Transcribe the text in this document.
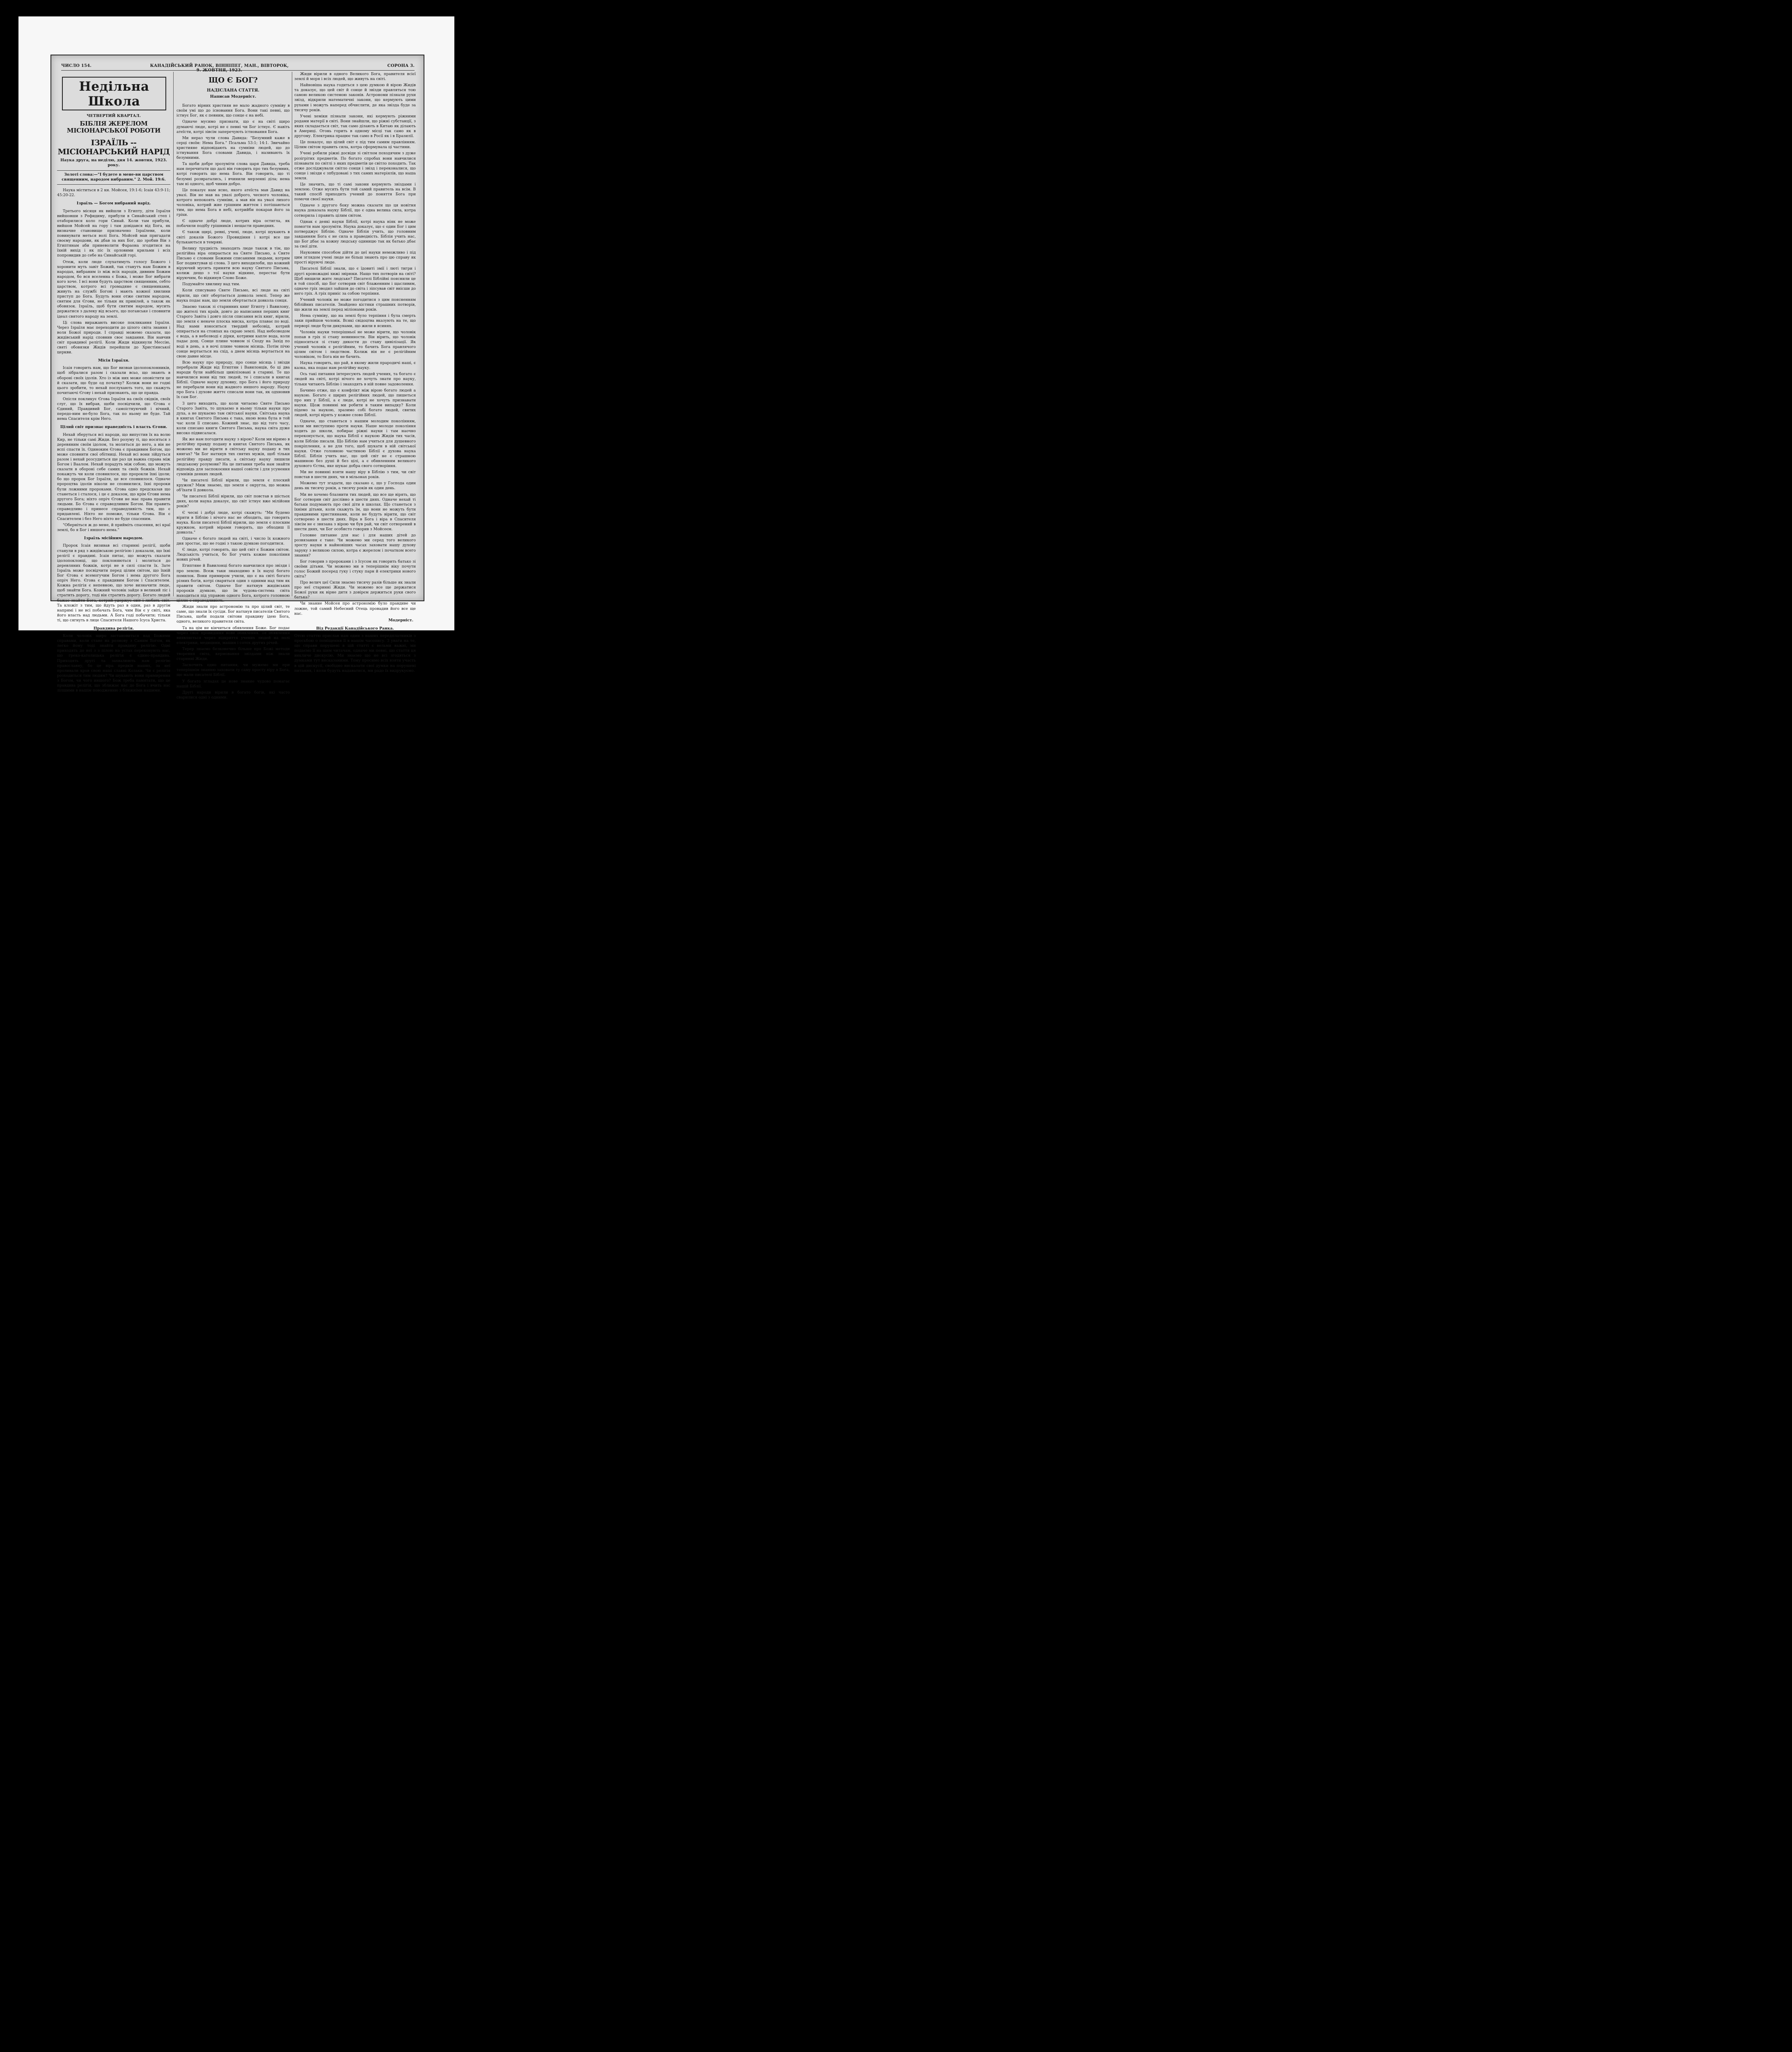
ЧИСЛО 154.	КАНАДІЙСЬКИЙ РАНОК, ВІННІПЕГ, МАН., ВІВТОРОК, 9. ЖОВТНЯ, 1923.
СОРОНА 3.
Недільна Школа
ЧЕТВЕРТИЙ КВАРТАЛ.
БІБЛІЯ ЖЕРЕЛОМ МІСІОНАРСЬКОЇ РОБОТИ
ІЗРАЇЛЬ -- МІСІОНАРСЬКИЙ НАРІД
Наука друга, на неділю, дня 14. жовтня, 1923. року.
Золоті слова:—"І будете в мене-ви царством священиим, народом вибраним." 2. Мой. 19:6.

Наука міститься в 2 кн. Мойсея, 19:1-6; Ісаія 43:9-11; 45:20-22.

Ізраїль — Богом вибраний нарід.

Третього місяця як вийшли з Египту, діти Ізраїля вийшовши з Рефидиму, прибули в Синайський степ і отаборилися коло гори Синай. Коли там прибули, вийшов Мойсей на гору і там довідався від Бога, як визначне становище призначено Ізраїлеви, коли повинувати меться волі Бога. Мойсей мав пригадати своєму народови, як дбав за них Бог, що зробив Він з Египтянам аби приневолити Фараона згодитися на їхній вихід і як піс їх орловими крильми і всіх попровидив до себе на Синайській горі.

Отеж, коли люде слухатимуть голосу Божого і хоронити муть завіт Божий, так станутъ нам Божим в народах, вибраним із між всіх народів, дивним Божим народом, бо вся вселенна є Божа, і може Бог вибрати кого хоче. І всі вони будуть царством священним, себто царством, котрого всі громадяне є священиками, живуть на службі Богові і мають кожної хвилини приступ до Бога. Будуть вони отже святим народом, святим для Єгови, не тільки як привілей, а також як обовязок. Ізраїль, щоб бути святим народом, мусить держатися з далеку від всього, що поганське і сповнити ідеал святого народу на землі.

Ці слова виражають високе покликання Ізраїля. Через Ізраїля має переходити до цілого світа знання і воля Божої природи. І справді можемо сказати, що жидівський нарід сповнив своє завдання. Він навчив світ правдивої релігії. Коли Жиди відкинули Мессію, святі обовязки Жидів перейшли до Христіянської церкви.

Місія Ізраїля.

Ісаія говорить нам, що Бог визвав ідолопоклонників, щоб зібралися разом і сказали всьо, що знають в обороні своїх ідолів. Хто із між них може оповістити це й сказати, що буде од початку? Колиж вони не годні цього зробити, то нехай послухають того, що скажуть почитаючі Єгову і нехай признають, що це правда.

Опісля покликує Єгова Ізраїля на своїх свідків, своїх слуг, що їх вибрав, щоби посвідчили, що Єгова є Єдиний, Правдивий Бог, самоістнуючий і вічний, передо-ним не-було Бога, так по ньому не буде. Тай нема Спасителя крім Него.

Цілий світ признає праведність і власть Єгови.

Нехай зберуться всі народи, що випустив їх на волю Кир, не тільки самі Жиди. Без розуму ті, що носяться з деревяним своїм ідолом, та моляться до него, а він не вспі спасти їх. Одиноким Єгова є правдивим Богом, що може сповнити свої обітниці. Нехай всі вони зійдуться разом і нехай розсудиться ще раз ця важна справа між Богом і Ваалом. Нехай порадуть між собою, що можуть сказати в обороні себе самих та своїх божків. Нехай покажуть чи коли сповнилося, що пророкли їхні ідоли; бо що пророк Бог Ізраїля, це все сповнилося. Одначе пророцтва ідолів ніколи не сповнилися, їхні пророки були ложними пророками. Єгова одно предсказав що станеться і сталося, і це є доказом, що крім Єгови нема другого Бога; ніхто опріч Єгови не має права правити людьми. Бо Єгова є справедливим Богом. Він править справедливо і принесе справедливість тим, що є придавлені. Ніхто не поможе, тільки Єгова. Він є Спасителем і без Него ніхто не буде спасеним.

"Оберніться ж до мене, й прийміть спасення, всі краї землі, бо я Бог і иншого нема."

Ізраїль місійним народом.

Пророк Ісаія визивав всі старинні релігії, щоби станули в ряд з жидівською релігією і доказали, що їхні релігії є правдиві. Ісаія питає, що можуть сказати ідолопоклонці, що поклоняються і моляться до деревляних божків, котрі не в силі спасти їх. Зате Ізраїль може посвідчити перед цілим світом, що їхній Бог Єгова є всемогучим Богом і нема другого Бога опріч Него. Єгова є правдивим Богом і Спасителем. Кожна релігія є непевною, що хоче визначити люде, щоб знайти Бога. Кожний чоловік зайде в великий ліс і стратить дорогу, тоді він стратить дорогу. Богато людей бажає знайти Бога, котрий удержує світ і любить світ. Та кложіт з тим, що йдуть раз в один, раз в другім напрямі і не всі побачать Бога, чим Він є у світі, яка його власть над людьми. А Бога годі побачити; тільки ті, що сягнуть в лице Спасителя Нашого Ісуса Христа.

Правдива релігія.

Коли чоловік щиро застановиться над Божими справами, коли стане на розмову з Самим Богом, як легко йому тоді знайти правдиву релігію. Одні приходять до неї з з пілою на устах переконують нас, що греко-католицька релігія є єдино-правдива. Приходять другі та захвалюють нам релігію православну, бо це віра предків наших, за неї проливали кров свою наші славні Козаки. Чи є релігія розходиться тим людям? Чи шукають вони примирення з Богом, чи чого иншого? Бож треба памятати, що це правдива релігія, що зближає нас до Бога і вчить нас лілшими в нашім поводженню з ближніми нашими.

ЩО Є БОГ?
НАДІСЛАНА СТАТТЯ.
Написав Модерніст.

Богато вірних християн не мало жадного сумніву в своїм умі що до існовання Бога. Вони такі певні, що істнує Бог, як є певним, що сонце є на небі.

Одначе мусимо признати, що є на світі щиро думаючі люде, котрі не є певні чи Бог істнує. Є навіть атеїсти, котрі зівсім заперечують істновання Бога.

Ми нераз чули слова Давида: "Безумний каже в серці своїм: Нема Бога." Псальма 53:1; 14:1. Звичайно християне відповідають на сумніви людей, що до істнування Бога словами Давида, і називають їх безумними.

Та щоби добре зрозуміти слова царя Давида, треба нам перечитати що далі він говорить про тих безумних, котрі говорять що нема Бога. Він говорить, що ті безумні розвратались, і вчинили мерзенні діла; нема там ні одного, щоб чинив добро.

Це показує нам ясно, якого атеїста мав Давид на увазі. Він не мав на увазі доброго, чесного чоловіка, котрого непокоять сумніви, а мав він на увазі лихого чоловіка, котрий жие грішним життєм і потішаються тим, що нема Бога в небі, котрийби покарав його за гріхи.

Є одначе добрі люде, котрих віра остигла, як побачили подібу грішників і нещасти праведних.

Є також щирі, ревні, учені, люде, котрі шукають в світі доказів Божого Провидіння і котрі все ще булькаються в темряві.

Велику трудність знаходять люде також в тім, що релігійна віра опирається на Святе Письмо, а Святе Письмо є словами Божими списаними людьми, котрим Бог подиктував ці слова. З цего виходилоби, що кожний віруючий мусить приняти всю науку Святого Письма, колиж дещо з тої науки відкине, перестає бути віруючим, бо відкинув Слово Боже.

Подумайте хвилину над тим.

Коли списувано Святе Письмо, всі люде на світі вірили, що світ обертається довкола землі. Тепер же наука подає нам, що земля обертається довкола сонця.

Знаємо також зі старинних книг Египту і Вавилону, що жителі тих країв, довго до написання перших книг Старого Завіта і довго після списання всіх книг, вірили, що земля є неначе плоска миска, котра плаває по воді. Над нами взноситься твердий небозвід, котрий опирається на стовпах на скраю землі. Над небозводом є вода, а в небозводі є дірки, котрими капле вода, коли падає дощ. Сонце плине човном зі Сходу на Захід по воді в день, а в ночі плине човном місиць. Потім пічю сонце вертається на схід, а днем місяць вертається на свою давне місце.

Всю науку про природу, про сонце місяць і звізди перебрали Жиди від Египтян і Вавилонців, бо ці два народи були найбільш цивілізовані в старині. Те що навчилися вони від тих людей, те і списали в книгах Біблії. Одначе науку духовну, про Бога і його природу не перебрали вони від жадного иншого народу. Науку про Бога і духове життє списали вони так, як одхновив їх сам Бог.

З цего виходить, що коли читаємо Святе Письмо Старого Завіта, то шукаємо в ньому тільки науки про духа, а не шукаємо там світської науки. Світська наука в книгах Святого Письма є така, якою вона була в той час коли її списано. Кожний знає, що від того часу, коли списано книги Святого Письма, наука світа дуже високо підвисалася.

Як же нам погодити науку з вірою? Коли ми віримо в релігійну правду подану в книгах Святого Письма, як можемо ми не вірити в світську науку подану в тих книгах? Чи Бог натхнув тих святих мужів, щоб тільки релігійну правду писати, а світську науку лишили людському розумови? На це питання треба нам знайти відповідь для заспокоєння нашої совісти і для усунення сумнівів деяких людей.

Чи писателі Біблії вірили, що земля є плоский кружок? Миж знаємо, що земля є округла, що можна об'їхати її довкола.

Чи писателі Біблії вірили, що світ повстав в шістьох днях, коли наука доказує, що світ істнує вже мілійони років?

Є чесні і добрі люде, котрі скажуть: "Ми будемо вірити в Біблію і нічого нас не обходить, що говорить наука. Коли писателі Біблії вірили, що земля є плоским кружком, котрий мірами говорять, що обходиш її довкола."

Одначе є богато людей на світі, і число їх кожного дня зростає, що не годні з такою думкою погодитися.

Є люде, котрі говорять, що цей світ є Божим світом. Людськість учиться, бо Бог учить кожне покоління нових річей.

Египтяне й Вавилонці богато навчилися про звізди і про землю. Всеж таки знаходимо в їх науці богато помилок. Вони примиром учили, що є на світі богато різних богів, котрі сваряться один з одними над тим як правити світом. Одначе Бог натхнув жидівських пророків думкою, що їм чудова-система світа находиться під управою одного Бога, котрого головною ціллю є справедливість.

Жиди знали про астрономію та про цілий світ, те саме, що знали їх сусіди. Бог натхнув писателів Святого Письма, щоби подали світови правдиву ідею Бога, одного, великого правителя світа.

Та на цім не кінчиться обявлення Боже. Бог подає через своє провидіння нове обявлення. Те обявлення виявляється через відкриття учених людей на полі електрики, медицини, машин і сотох других річей.

Терер знаємо безконечно більше про Божі методи творення світа, кермовання звіздами ніж знали старинні Жиди.

Заскочить одно питання, чи мужемо ми при теперішнім знанню заховати ту саму просту віру в Бога, що мали писателі Біблії.

У богато згладах це нове знание чудово помагає нашій Біблії.

Другі народи вірили в богато богів, які часто сварилися одні з одними.

Жиди вірили в одного Великого Бога, правителя всієї землі й моря і всіх людей, що живуть на світі.

Найновіша наука годиться з цею думкою й вірою Жидів та доказує, що цей світ й сонце й звізди правляться тою самою великою системою законів. Астрономи пізнали рухи звізд, відкрили математичні закони, що кермують цими рухами і можуть наперед обчислити, де яка звізда буде за тисячу років.

Учені хеміки пізнали закони, які кермують ріжними родами матерії в світі. Вони знайшли, що ріжні субстанції, з яких складається світ, так само ділають в Китаю як ділають в Америці. Огонь горить в одному місці так само як в другому. Електрика працює так само в Росії як і в Бразилії.

Це показує, що цілий світ є під тим самим правлінням. Цілим світом править сила, котра сформувала ці частини.

Учені робили ріжні досвіди зі світлом походячим з дуже розігрітих предметів. По богато спробах вони навчилися пізнавати по світлі з яких предметів це світло походить. Так отже досліджували світло сонця і звізд і переконалися, що сонце і звізди є зпбудовані з тих самих матеріялів, що наша земля.

Це значить, що ті самі закони кермують звіздами і землею. Отже мусить бути той самий правитель на всім. В такий спосіб приходить учений до поняття Бога при помочи своєї науки.

Одначе з другого боку можна сказати що ця новітня наука доказала науку Біблії, що є одна велика сила, котра сотворила і править цілим світом.

Однак є деякі науки Біблії, котрі наука ніяк не може помогти нам зрозуміти. Наука доказує, що є один Бог і цим потверджує Біблію. Одначе Біблія учить, що головним завданням Бога є не сила а праведність. Біблія учить нас, що Бог дбає за кожну людську одиницю так як батько дбає за свої діти.

Науковим способом дійти до цеї науки неможливо і під цим зглядом учені люде не більш знають про цю справу як прості віруючі люде.

Писателі Біблії знали, що є їдовиті змії і люті тигри і другі кровожадні хижі звірюки. Нащо тих потворів на світі? Щоб нищили житє людське? Писателі Біблійні пояснили це в той спосіб, що Бог сотворив світ блаженним і щасливим, одначе гріх зводил зайшов до світа і зіпсував світ внісши до него гріх. А гріх приніс за собою терпіння.

Учений чоловік не може погодитися з цим поясненням біблійних писателів. Знайдено кістяки страшних потворів, що жили на землі перед міліонами років.

Нема сумніву, що на землі було терпіння і була смерть заки прийшов чоловік. Всякі свідоцтва вказують на те, що перворі люде були дикунами, що жили в ясинях.

Чоловік науки теперішньої не може вірити, що чоловік попав в гріх зі стану невинности. Він вірить, що чоловік підноситься зі стану дикости до стану цивілізації. Як учений чоловік є релігійним, то бачить Бога правлячого цілим світом і людством. Колиж він не є релігійним чоловіком, то Бога він не бачить.

Наука говорить, що рай, в якому жили прародичі наші, є казка, яка подає нам релігійну науку.

Ось такі питання інтересують людей учених, та богато є людей на світі, котрі нічого не хочуть знати про науку, тільки читають Біблію і знаходять в ній повне задоволення.

Бачимо отже, що є конфлікт між вірою богато людей а наукою. Богато є щирих релігійних людей, що пишеться про них у Біблії, а є люде, котрі не хочуть признавати науки. Щож повинні ми робити в таким випадку? Коли підемо за наукою, зразимо собі богато людей, святих людей, котрі вірять у кожне слово Біблії.

Одначе, що станеться з нашим молодим поколінням, коли ми виступимо проти науки. Наше молоде покоління ходить до школи, побирає ріжні науки і там наочно переконується, що наука Біблії є наукою Жидів тих часів, коли Біблію писали. Що Біблію нам учиться для душевного покріплення, а не для того, щоб шукати в ній світської науки. Отже головною частиною Біблії є духова наука Біблії. Біблія учить нас, що цей світ не є страшною машиною без душі й без цілі, а є обявленням великого духового Єства, яке шукає добра свого сотворіння.

Ми не повинні взяти нашу віру в Біблію з тим, чи світ повстав в шести днях, чи в мільонах років.

Можемо тут згадати, що сказано є, що у Господа один день як тисячу років, а тисячу років як один день.

Ми не хочемо блазнити тих людей, що все ще вірять, що Бог сотворив світ дослівно в шести днях. Одначе нехай ті батьки подумають про свої діти в школах. Що станеться з їхніми дітьми, коли скажуть їм, що вони не можуть бути правдивими християнами, коли не будуть вірити, що світ сотворено в шести днях. Віра в Бога і віра в Спасителя зівсім не є звязана з вірою чи був рай, чи світ сотворений в шести днях, чи Бог особисто говорив з Мойсеєм.

Головне питанне для нас і для наших дітей до розвязання є таке: Чи можемо ми серед того великого зросту науки в найновіших часах заховати нашу духову заруку з великою силою, котра є жерелом і початком всего знання?

Бог говорив з пророками і з Ісусом як говорить батько зі своїми дітьми. Чи можемо ми в теперішнім віку почути голос Божий посеред гуку і стуку парн й електрики нового світа?

Про велич цеї Сили знаємо тисячу разів більше як знали про неї старинні Жиди. Чи можемо все ще держатися Божої руки як вірне дитя з довірєм держиться руки свого батька?

Чи знание Мойсея про астрономію було правдиве чи ложне, той самий Небесний Отець провадив його все ще нас.

Модерніст.
Від Редакції Канадійського Ранка.

Отсю статтю прислав нам один з наших передплатників з просьбою о поміщення її в нашім часопису. З уваги на те, що справи порушені в цій статті є вельми важні, ми подаємо її на шим читачам, одначе ми певні, що стаття ця викличе дискусію. Ми знаємо що не всі згодяться з думками тут висказаними. Тому просимо всіх взяти участь в цій дискусії, свобідно висказати свої думки на порушені питання, і коли будуть надаватися, ми радо їх видрукуємо.
